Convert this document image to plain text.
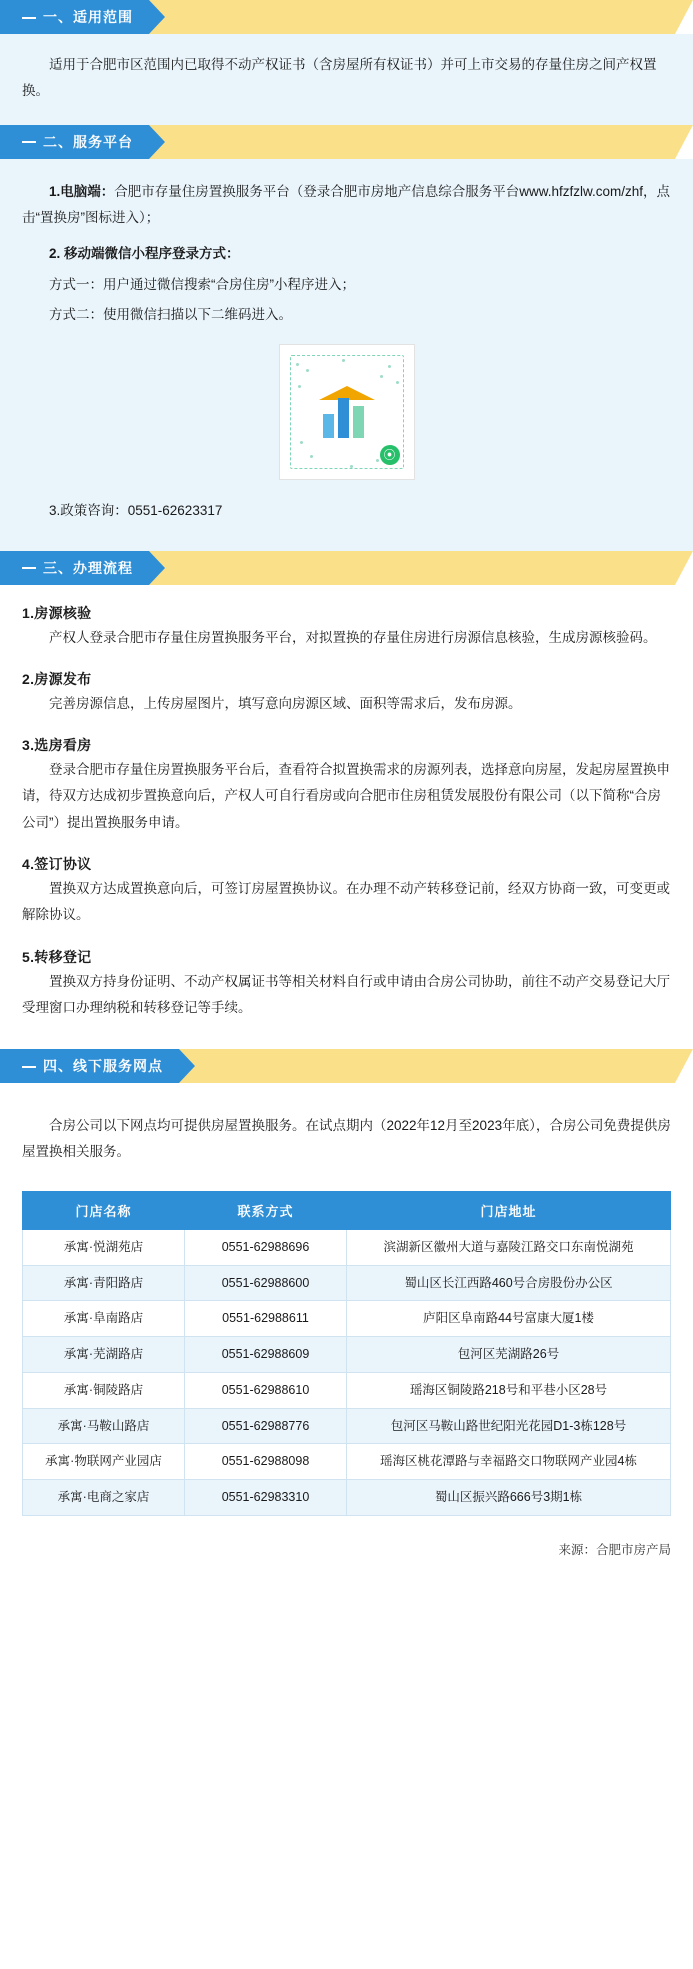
一、 适用范围

适用于合肥市区范围内已取得不动产权证书（含房屋所有权证书）并可上市交易的存量住房之间产权置换。

二、 服务平台

1.电脑端：合肥市存量住房置换服务平台（登录合肥市房地产信息综合服务平台www.hfzfzlw.com/zhf，点击“置换房”图标进入）；

2. 移动端微信小程序登录方式：

方式一：用户通过微信搜索“合房住房”小程序进入；

方式二：使用微信扫描以下二维码进入。

⦿

3.政策咨询：0551-62623317

三、 办理流程

1.房源核验

产权人登录合肥市存量住房置换服务平台，对拟置换的存量住房进行房源信息核验，生成房源核验码。

2.房源发布

完善房源信息，上传房屋图片，填写意向房源区域、面积等需求后，发布房源。

3.选房看房

登录合肥市存量住房置换服务平台后，查看符合拟置换需求的房源列表，选择意向房屋，发起房屋置换申请，待双方达成初步置换意向后，产权人可自行看房或向合肥市住房租赁发展股份有限公司（以下简称“合房公司”）提出置换服务申请。

4.签订协议

置换双方达成置换意向后，可签订房屋置换协议。在办理不动产转移登记前，经双方协商一致，可变更或解除协议。

5.转移登记

置换双方持身份证明、不动产权属证书等相关材料自行或申请由合房公司协助，前往不动产交易登记大厅受理窗口办理纳税和转移登记等手续。

四、 线下服务网点

合房公司以下网点均可提供房屋置换服务。在试点期内（2022年12月至2023年底），合房公司免费提供房屋置换相关服务。

门店名称	联系方式	门店地址
承寓·悦湖苑店	0551-62988696	滨湖新区徽州大道与嘉陵江路交口东南悦湖苑
承寓·青阳路店	0551-62988600	蜀山区长江西路460号合房股份办公区
承寓·阜南路店	0551-62988611	庐阳区阜南路44号富康大厦1楼
承寓·芜湖路店	0551-62988609	包河区芜湖路26号
承寓·铜陵路店	0551-62988610	瑶海区铜陵路218号和平巷小区28号
承寓·马鞍山路店	0551-62988776	包河区马鞍山路世纪阳光花园D1-3栋128号
承寓·物联网产业园店	0551-62988098	瑶海区桃花潭路与幸福路交口物联网产业园4栋
承寓·电商之家店	0551-62983310	蜀山区振兴路666号3期1栋
来源：合肥市房产局
